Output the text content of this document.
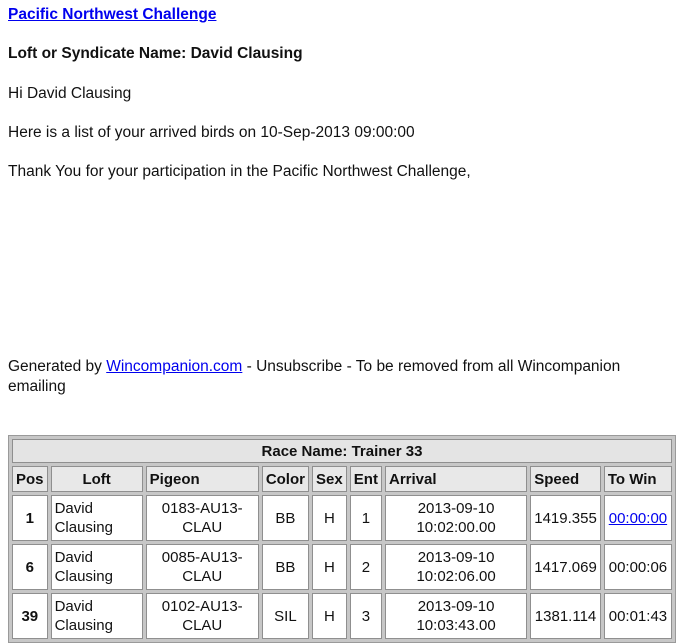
Pacific Northwest Challenge

Loft or Syndicate Name: David Clausing

Hi David Clausing

Here is a list of your arrived birds on 10-Sep-2013 09:00:00

Thank You for your participation in the Pacific Northwest Challenge,

Generated by Wincompanion.com - Unsubscribe - To be removed from all Wincompanion emailing
Race Name: Trainer 33								
Pos	Loft	Pigeon	Color	Sex	Ent	Arrival	Speed	To Win
1	David Clausing	0183-AU13-CLAU	BB	H	1	2013-09-10 10:02:00.00	1419.355	00:00:00
6	David Clausing	0085-AU13-CLAU	BB	H	2	2013-09-10 10:02:06.00	1417.069	00:00:06
39	David Clausing	0102-AU13-CLAU	SIL	H	3	2013-09-10 10:03:43.00	1381.114	00:01:43
